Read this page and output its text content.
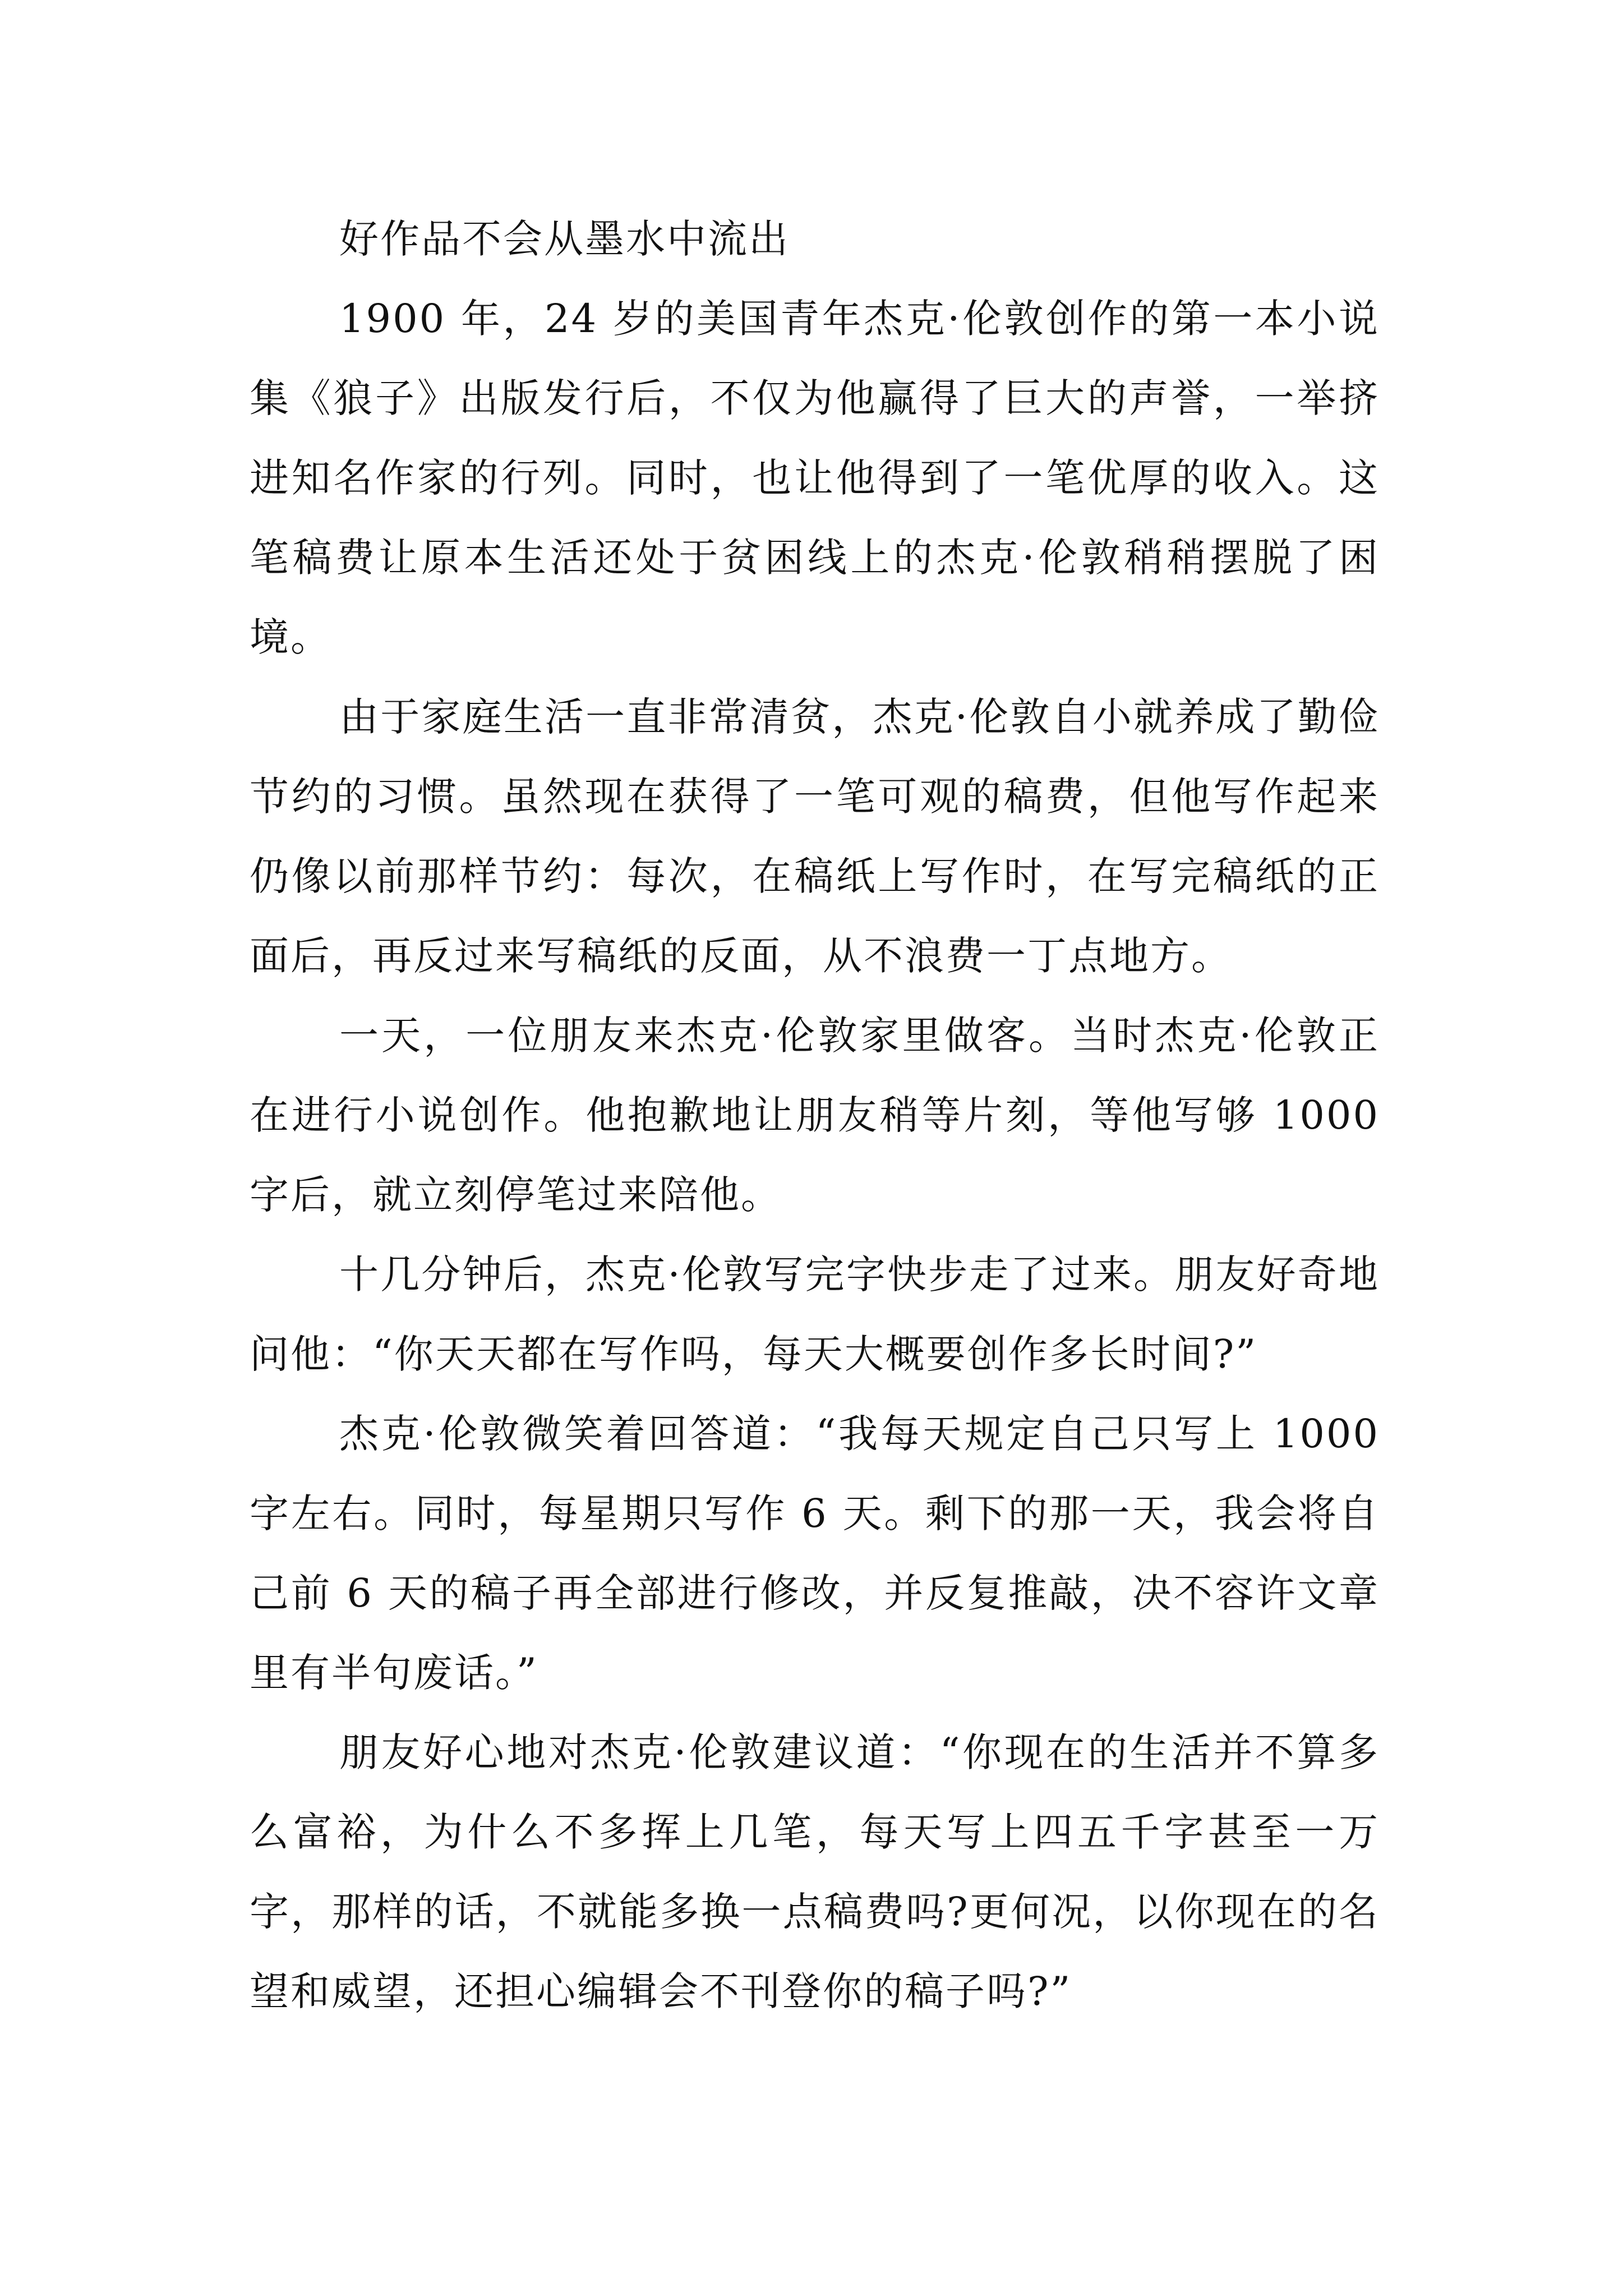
好作品不会从墨水中流出

1900 年，24 岁的美国青年杰克·伦敦创作的第一本小说集《狼子》出版发行后，不仅为他赢得了巨大的声誉，一举挤进知名作家的行列。同时，也让他得到了一笔优厚的收入。这笔稿费让原本生活还处于贫困线上的杰克·伦敦稍稍摆脱了困境。

由于家庭生活一直非常清贫，杰克·伦敦自小就养成了勤俭节约的习惯。虽然现在获得了一笔可观的稿费，但他写作起来仍像以前那样节约：每次，在稿纸上写作时，在写完稿纸的正面后，再反过来写稿纸的反面，从不浪费一丁点地方。

一天，一位朋友来杰克·伦敦家里做客。当时杰克·伦敦正在进行小说创作。他抱歉地让朋友稍等片刻，等他写够 1000 字后，就立刻停笔过来陪他。

十几分钟后，杰克·伦敦写完字快步走了过来。朋友好奇地问他：“你天天都在写作吗，每天大概要创作多长时间?”

杰克·伦敦微笑着回答道：“我每天规定自己只写上 1000 字左右。同时，每星期只写作 6 天。剩下的那一天，我会将自己前 6 天的稿子再全部进行修改，并反复推敲，决不容许文章里有半句废话。”

朋友好心地对杰克·伦敦建议道：“你现在的生活并不算多么富裕，为什么不多挥上几笔，每天写上四五千字甚至一万字，那样的话，不就能多换一点稿费吗?更何况，以你现在的名望和威望，还担心编辑会不刊登你的稿子吗?”
